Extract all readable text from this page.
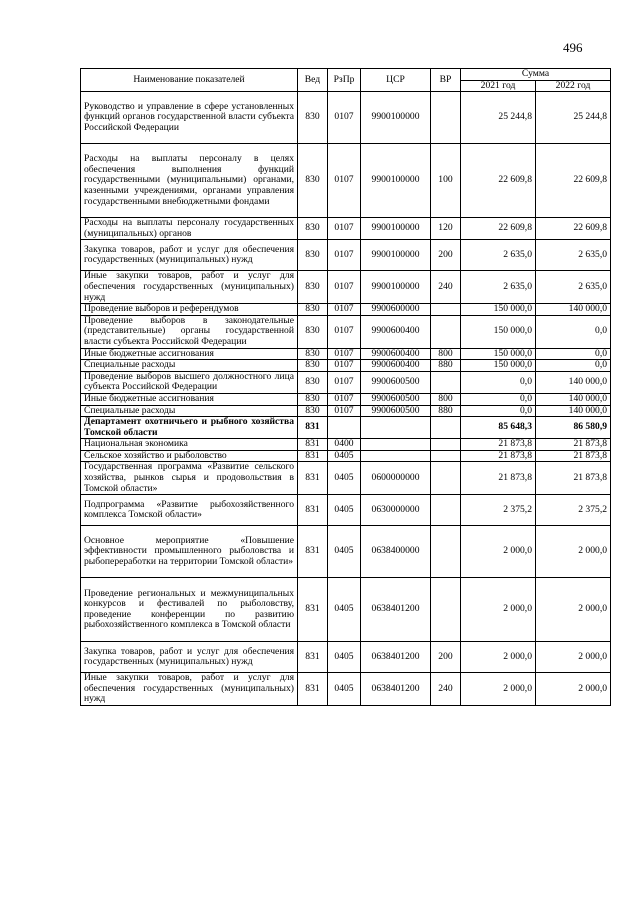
496
Наименование показателей	Вед	РзПр	ЦСР	ВР	Сумма	
					2021 год	2022 год
Руководство и управление в сфере установленных функций органов государственной власти субъекта Российской Федерации	830	0107	9900100000		25 244,8	25 244,8
Расходы на выплаты персоналу в целях обеспечения выполнения функций государственными (муниципальными) органами, казенными учреждениями, органами управления государственными внебюджетными фондами	830	0107	9900100000	100	22 609,8	22 609,8
Расходы на выплаты персоналу государственных (муниципальных) органов	830	0107	9900100000	120	22 609,8	22 609,8
Закупка товаров, работ и услуг для обеспечения государственных (муниципальных) нужд	830	0107	9900100000	200	2 635,0	2 635,0
Иные закупки товаров, работ и услуг для обеспечения государственных (муниципальных) нужд	830	0107	9900100000	240	2 635,0	2 635,0
Проведение выборов и референдумов	830	0107	9900600000		150 000,0	140 000,0
Проведение выборов в законодательные (представительные) органы государственной власти субъекта Российской Федерации	830	0107	9900600400		150 000,0	0,0
Иные бюджетные ассигнования	830	0107	9900600400	800	150 000,0	0,0
Специальные расходы	830	0107	9900600400	880	150 000,0	0,0
Проведение выборов высшего должностного лица субъекта Российской Федерации	830	0107	9900600500		0,0	140 000,0
Иные бюджетные ассигнования	830	0107	9900600500	800	0,0	140 000,0
Специальные расходы	830	0107	9900600500	880	0,0	140 000,0
Департамент охотничьего и рыбного хозяйства Томской области	831				85 648,3	86 580,9
Национальная экономика	831	0400			21 873,8	21 873,8
Сельское хозяйство и рыболовство	831	0405			21 873,8	21 873,8
Государственная программа «Развитие сельского хозяйства, рынков сырья и продовольствия в Томской области»	831	0405	0600000000		21 873,8	21 873,8
Подпрограмма «Развитие рыбохозяйственного комплекса Томской области»	831	0405	0630000000		2 375,2	2 375,2
Основное мероприятие «Повышение эффективности промышленного рыболовства и рыбопереработки на территории Томской области»	831	0405	0638400000		2 000,0	2 000,0
Проведение региональных и межмуниципальных конкурсов и фестивалей по рыболовству, проведение конференции по развитию рыбохозяйственного комплекса в Томской области	831	0405	0638401200		2 000,0	2 000,0
Закупка товаров, работ и услуг для обеспечения государственных (муниципальных) нужд	831	0405	0638401200	200	2 000,0	2 000,0
Иные закупки товаров, работ и услуг для обеспечения государственных (муниципальных) нужд	831	0405	0638401200	240	2 000,0	2 000,0
